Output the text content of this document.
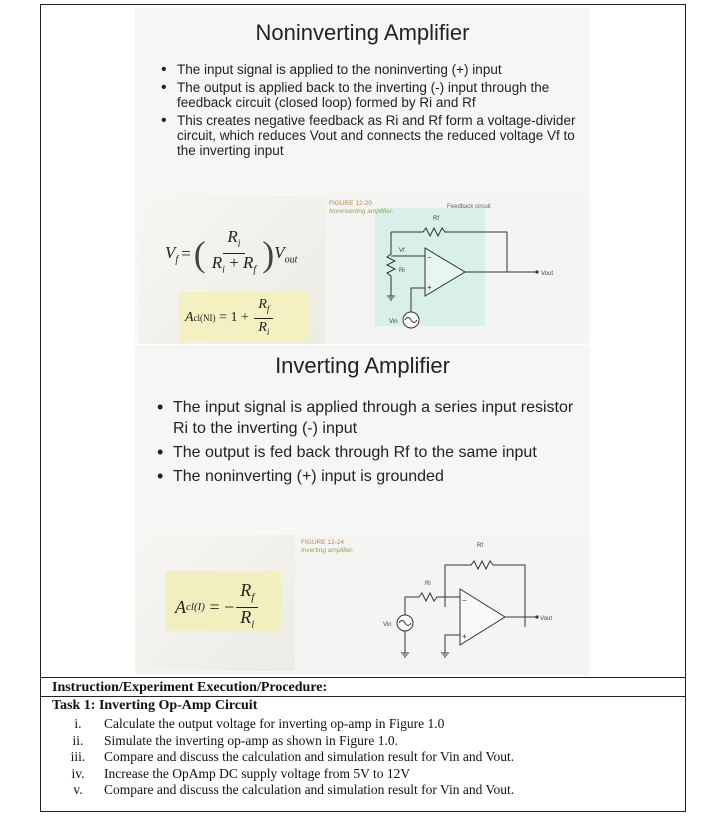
Noninverting Amplifier
• The input signal is applied to the noninverting (+) input
• The output is applied back to the inverting (-) input through the feedback circuit (closed loop) formed by Ri and Rf
• This creates negative feedback as Ri and Rf form a voltage-divider circuit, which reduces Vout and connects the reduced voltage Vf to the inverting input
$V_f$ = ( $\frac{R_i}{R_i + R_f}$ ) $V_{out}$
A $cl(NI) = 1 + \frac{R_f}{R_i}$
FIGURE 12-20
Noninverting amplifier.
Feedback circuit
Rf
Ri
Vf
−
+
Vout
Vin
Inverting Amplifier
• The input signal is applied through a series input resistor Ri to the inverting (-) input
• The output is fed back through Rf to the same input
• The noninverting (+) input is grounded
A cl(I) = − $\frac{R_f}{R_i}$
FIGURE 12-24
Inverting amplifier.
Rf
Ri
−
+
Vout
Vin
Instruction/Experiment Execution/Procedure:
Task 1: Inverting Op-Amp Circuit
i.	Calculate the output voltage for inverting op-amp in Figure 1.0
ii.	Simulate the inverting op-amp as shown in Figure 1.0.
iii.	Compare and discuss the calculation and simulation result for Vin and Vout.
iv.	Increase the OpAmp DC supply voltage from 5V to 12V
v.	Compare and discuss the calculation and simulation result for Vin and Vout.
